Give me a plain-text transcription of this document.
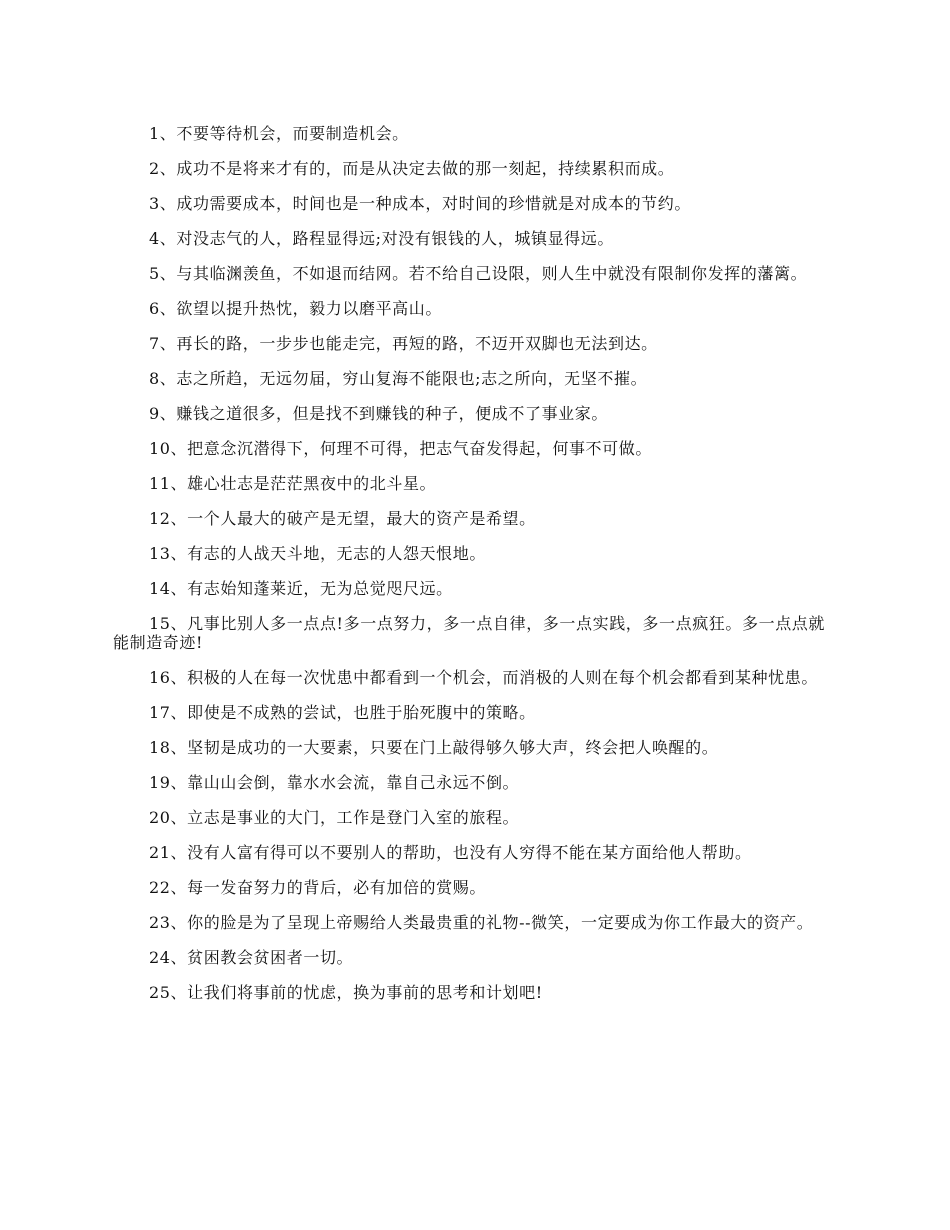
1、不要等待机会，而要制造机会。

2、成功不是将来才有的，而是从决定去做的那一刻起，持续累积而成。

3、成功需要成本，时间也是一种成本，对时间的珍惜就是对成本的节约。

4、对没志气的人，路程显得远;对没有银钱的人，城镇显得远。

5、与其临渊羡鱼，不如退而结网。若不给自己设限，则人生中就没有限制你发挥的藩篱。

6、欲望以提升热忱，毅力以磨平高山。

7、再长的路，一步步也能走完，再短的路，不迈开双脚也无法到达。

8、志之所趋，无远勿届，穷山复海不能限也;志之所向，无坚不摧。

9、赚钱之道很多，但是找不到赚钱的种子，便成不了事业家。

10、把意念沉潜得下，何理不可得，把志气奋发得起，何事不可做。

11、雄心壮志是茫茫黑夜中的北斗星。

12、一个人最大的破产是无望，最大的资产是希望。

13、有志的人战天斗地，无志的人怨天恨地。

14、有志始知蓬莱近，无为总觉咫尺远。

15、凡事比别人多一点点!多一点努力，多一点自律，多一点实践，多一点疯狂。多一点点就能制造奇迹!

16、积极的人在每一次忧患中都看到一个机会，而消极的人则在每个机会都看到某种忧患。

17、即使是不成熟的尝试，也胜于胎死腹中的策略。

18、坚韧是成功的一大要素，只要在门上敲得够久够大声，终会把人唤醒的。

19、靠山山会倒，靠水水会流，靠自己永远不倒。

20、立志是事业的大门，工作是登门入室的旅程。

21、没有人富有得可以不要别人的帮助，也没有人穷得不能在某方面给他人帮助。

22、每一发奋努力的背后，必有加倍的赏赐。

23、你的脸是为了呈现上帝赐给人类最贵重的礼物--微笑，一定要成为你工作最大的资产。

24、贫困教会贫困者一切。

25、让我们将事前的忧虑，换为事前的思考和计划吧!
